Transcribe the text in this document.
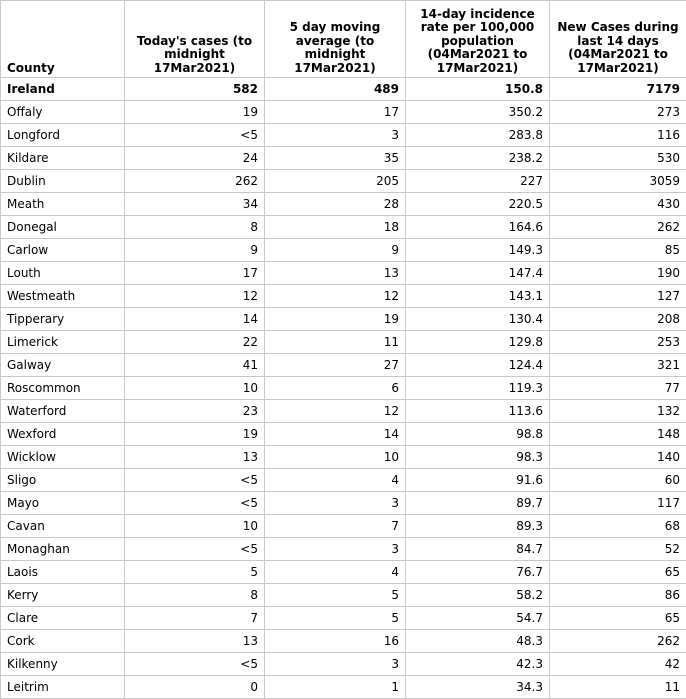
County	Today's cases (to midnight 17Mar2021)	5 day moving average (to midnight 17Mar2021)	14-day incidence rate per 100,000 population (04Mar2021 to 17Mar2021)	New Cases during last 14 days (04Mar2021 to 17Mar2021)
Ireland	582	489	150.8	7179
Offaly	19	17	350.2	273
Longford	<5	3	283.8	116
Kildare	24	35	238.2	530
Dublin	262	205	227	3059
Meath	34	28	220.5	430
Donegal	8	18	164.6	262
Carlow	9	9	149.3	85
Louth	17	13	147.4	190
Westmeath	12	12	143.1	127
Tipperary	14	19	130.4	208
Limerick	22	11	129.8	253
Galway	41	27	124.4	321
Roscommon	10	6	119.3	77
Waterford	23	12	113.6	132
Wexford	19	14	98.8	148
Wicklow	13	10	98.3	140
Sligo	<5	4	91.6	60
Mayo	<5	3	89.7	117
Cavan	10	7	89.3	68
Monaghan	<5	3	84.7	52
Laois	5	4	76.7	65
Kerry	8	5	58.2	86
Clare	7	5	54.7	65
Cork	13	16	48.3	262
Kilkenny	<5	3	42.3	42
Leitrim	0	1	34.3	11
